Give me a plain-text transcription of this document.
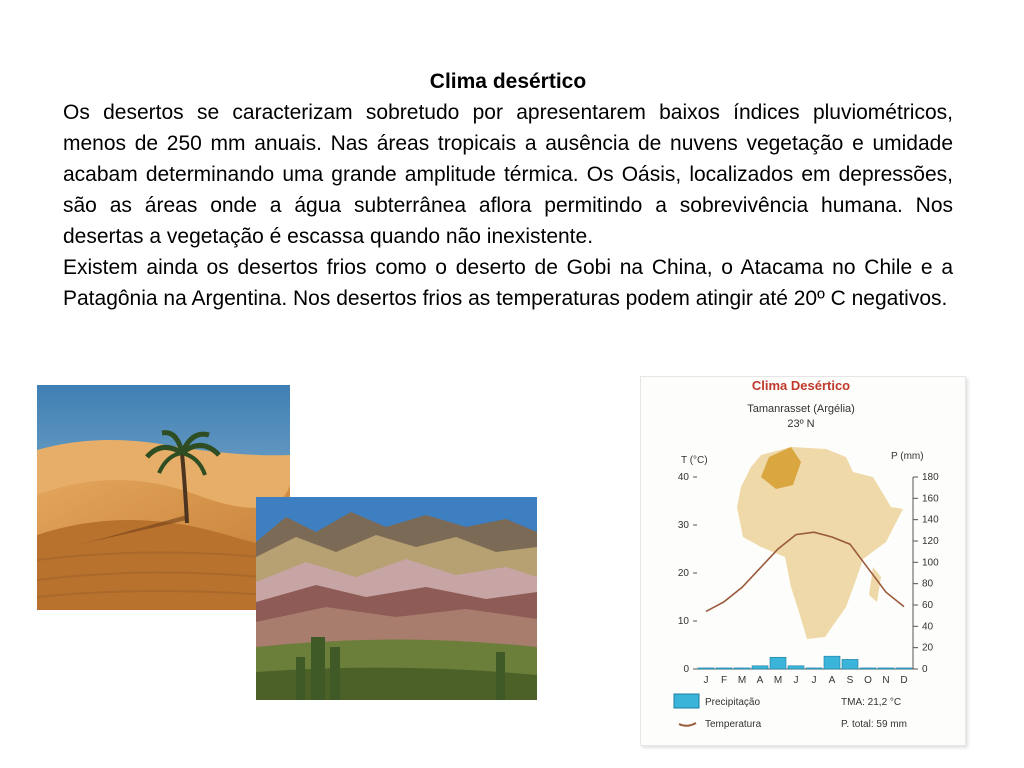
Clima desértico

Os desertos se caracterizam sobretudo por apresentarem baixos índices pluviométricos, menos de 250 mm anuais. Nas áreas tropicais a ausência de nuvens vegetação e umidade acabam determinando uma grande amplitude térmica. Os Oásis, localizados em depressões, são as áreas onde a água subterrânea aflora permitindo a sobrevivência humana. Nos desertas a vegetação é escassa quando não inexistente.

Existem ainda os desertos frios como o deserto de Gobi na China, o Atacama no Chile e a Patagônia na Argentina. Nos desertos frios as temperaturas podem atingir até 20º C negativos.

Clima Desértico
Tamanrasset (Argélia)
23º N
T (°C)	P (mm)
0
10
20
30
40
0
20
40
60
80
100
120
140
160
180
J F M A M J J A S O N D
Precipitação	TMA: 21,2 °C
Temperatura	P. total: 59 mm
